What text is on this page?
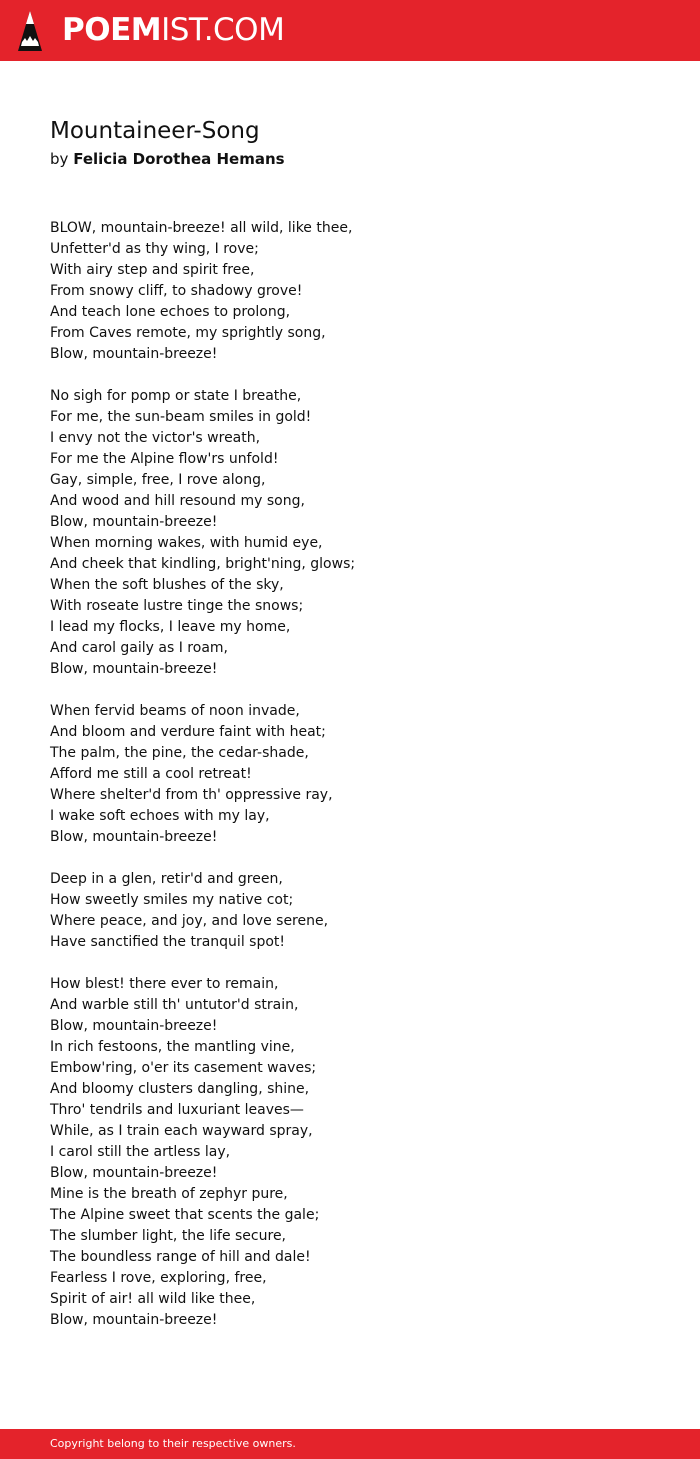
POEMIST.COM
Mountaineer-Song
by Felicia Dorothea Hemans
BLOW, mountain-breeze! all wild, like thee,
Unfetter'd as thy wing, I rove;
With airy step and spirit free,
From snowy cliff, to shadowy grove!
And teach lone echoes to prolong,
From Caves remote, my sprightly song,
Blow, mountain-breeze!
No sigh for pomp or state I breathe,
For me, the sun-beam smiles in gold!
I envy not the victor's wreath,
For me the Alpine flow'rs unfold!
Gay, simple, free, I rove along,
And wood and hill resound my song,
Blow, mountain-breeze!
When morning wakes, with humid eye,
And cheek that kindling, bright'ning, glows;
When the soft blushes of the sky,
With roseate lustre tinge the snows;
I lead my flocks, I leave my home,
And carol gaily as I roam,
Blow, mountain-breeze!
When fervid beams of noon invade,
And bloom and verdure faint with heat;
The palm, the pine, the cedar-shade,
Afford me still a cool retreat!
Where shelter'd from th' oppressive ray,
I wake soft echoes with my lay,
Blow, mountain-breeze!
Deep in a glen, retir'd and green,
How sweetly smiles my native cot;
Where peace, and joy, and love serene,
Have sanctified the tranquil spot!
How blest! there ever to remain,
And warble still th' untutor'd strain,
Blow, mountain-breeze!
In rich festoons, the mantling vine,
Embow'ring, o'er its casement waves;
And bloomy clusters dangling, shine,
Thro' tendrils and luxuriant leaves—
While, as I train each wayward spray,
I carol still the artless lay,
Blow, mountain-breeze!
Mine is the breath of zephyr pure,
The Alpine sweet that scents the gale;
The slumber light, the life secure,
The boundless range of hill and dale!
Fearless I rove, exploring, free,
Spirit of air! all wild like thee,
Blow, mountain-breeze!
Copyright belong to their respective owners.
